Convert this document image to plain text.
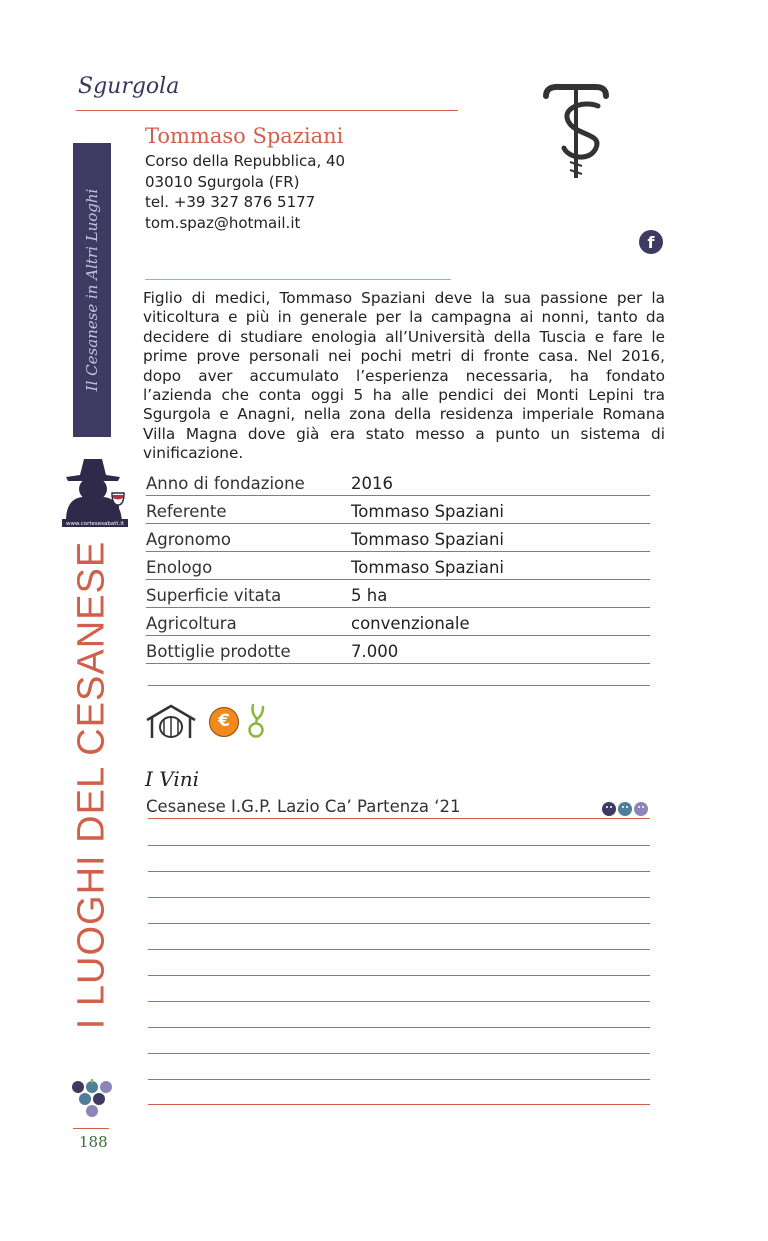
Sgurgola
Il Cesanese in Altri Luoghi
Tommaso Spaziani
Corso della Repubblica, 40
03010 Sgurgola (FR)
tel. +39 327 876 5177
tom.spaz@hotmail.it
f
Figlio di medici, Tommaso Spaziani deve la sua passione per la viticoltura e più in generale per la campagna ai nonni, tanto da decidere di studiare enologia all’Università della Tuscia e fare le prime prove personali nei pochi metri di fronte casa. Nel 2016, dopo aver accumulato l’esperienza necessaria, ha fondato l’azienda che conta oggi 5 ha alle pendici dei Monti Lepini tra Sgurgola e Anagni, nella zona della residenza imperiale Romana Villa Magna dove già era stato messo a punto un sistema di vinificazione.
www.cortesesabatt.it
I LUOGHI DEL CESANESE
Anno di fondazione	2016
Referente	Tommaso Spaziani
Agronomo	Tommaso Spaziani
Enologo	Tommaso Spaziani
Superficie vitata	5 ha
Agricoltura	convenzionale
Bottiglie prodotte	7.000
€
I Vini
Cesanese I.G.P. Lazio Ca’ Partenza ‘21
188
